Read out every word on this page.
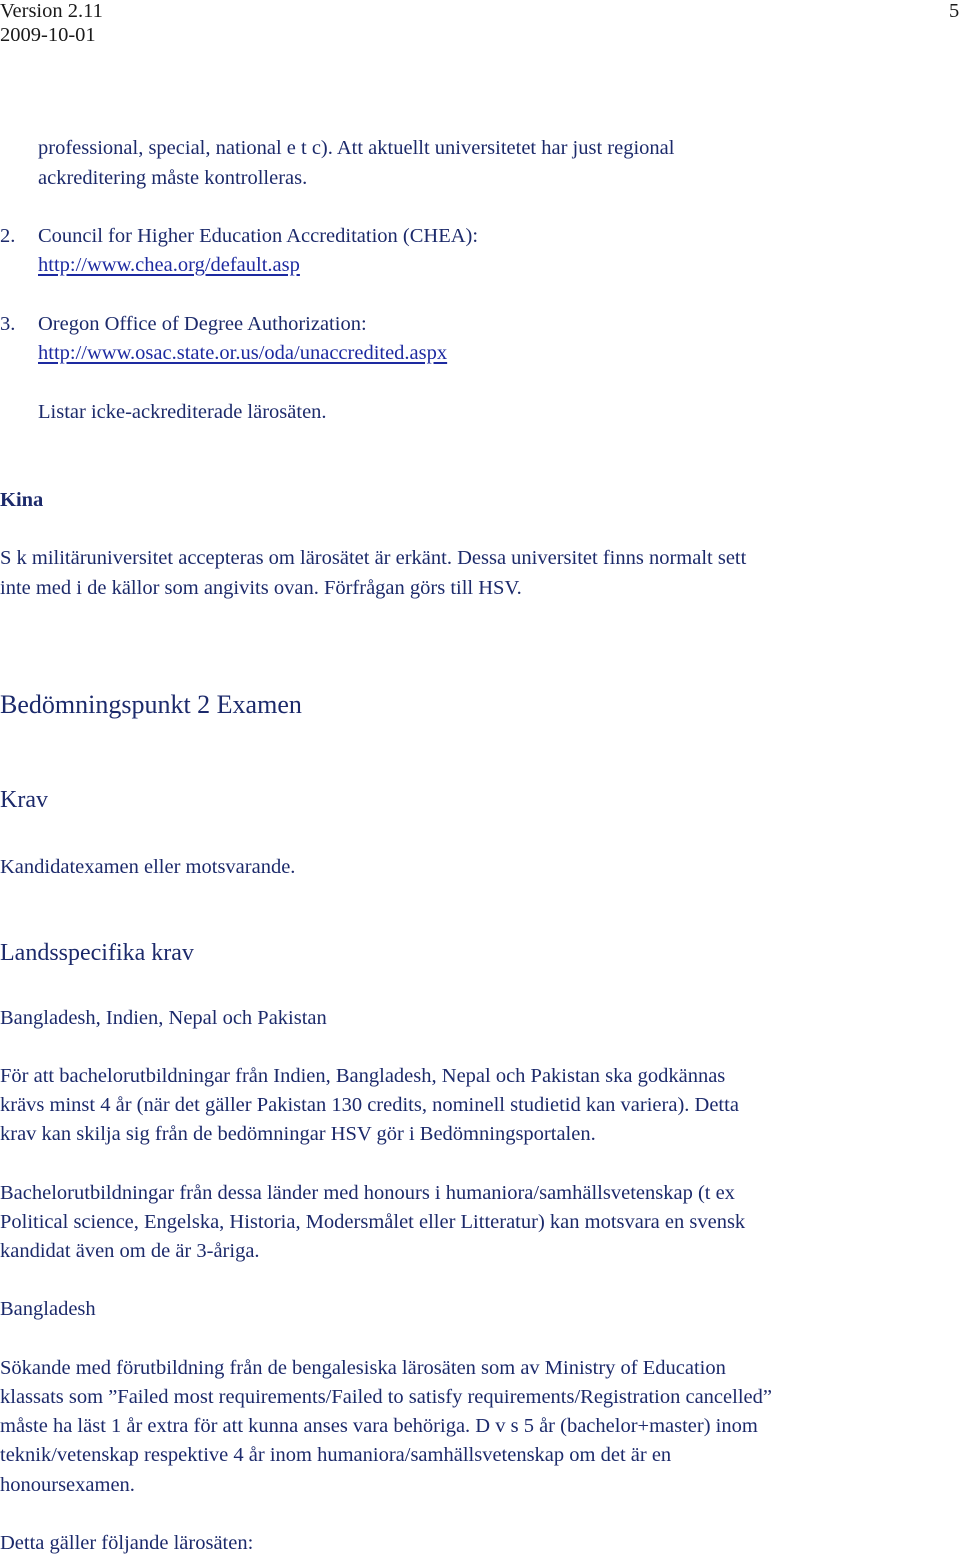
Version 2.11
2009-10-01
5
professional, special, national e t c). Att aktuellt universitetet har just regional
ackreditering måste kontrolleras.
2. Council for Higher Education Accreditation (CHEA):
http://www.chea.org/default.asp
3. Oregon Office of Degree Authorization:
http://www.osac.state.or.us/oda/unaccredited.aspx
Listar icke-ackrediterade lärosäten.
Kina
S k militäruniversitet accepteras om lärosätet är erkänt. Dessa universitet finns normalt sett
inte med i de källor som angivits ovan. Förfrågan görs till HSV.
Bedömningspunkt 2 Examen
Krav
Kandidatexamen eller motsvarande.
Landsspecifika krav
Bangladesh, Indien, Nepal och Pakistan
För att bachelorutbildningar från Indien, Bangladesh, Nepal och Pakistan ska godkännas
krävs minst 4 år (när det gäller Pakistan 130 credits, nominell studietid kan variera). Detta
krav kan skilja sig från de bedömningar HSV gör i Bedömningsportalen.
Bachelorutbildningar från dessa länder med honours i humaniora/samhällsvetenskap (t ex
Political science, Engelska, Historia, Modersmålet eller Litteratur) kan motsvara en svensk
kandidat även om de är 3-åriga.
Bangladesh
Sökande med förutbildning från de bengalesiska lärosäten som av Ministry of Education
klassats som ”Failed most requirements/Failed to satisfy requirements/Registration cancelled”
måste ha läst 1 år extra för att kunna anses vara behöriga. D v s 5 år (bachelor+master) inom
teknik/vetenskap respektive 4 år inom humaniora/samhällsvetenskap om det är en
honoursexamen.
Detta gäller följande lärosäten:
